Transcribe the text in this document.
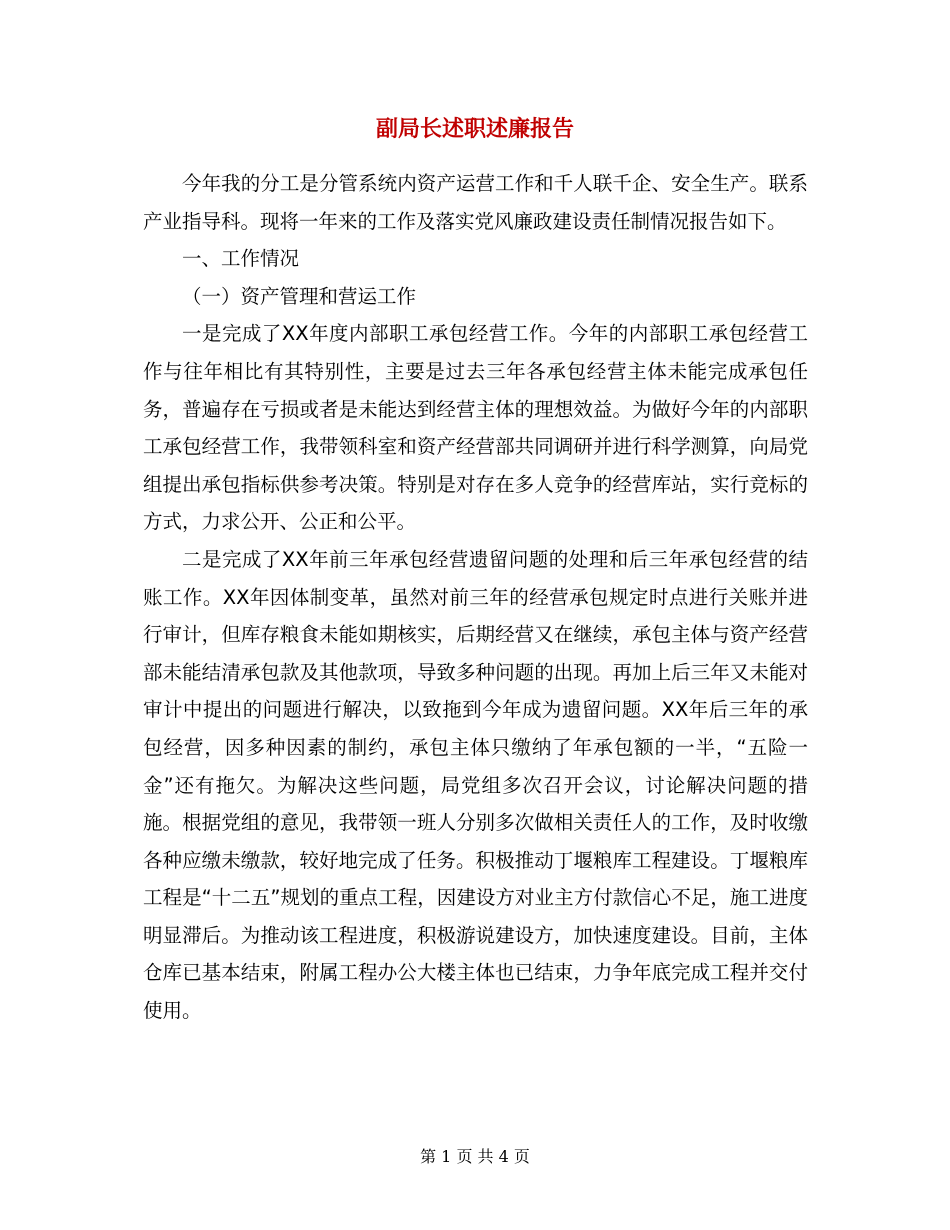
副局长述职述廉报告

今年我的分工是分管系统内资产运营工作和千人联千企、安全生产。联系产业指导科。现将一年来的工作及落实党风廉政建设责任制情况报告如下。

一、工作情况

（一）资产管理和营运工作

一是完成了XX年度内部职工承包经营工作。今年的内部职工承包经营工作与往年相比有其特别性，主要是过去三年各承包经营主体未能完成承包任务，普遍存在亏损或者是未能达到经营主体的理想效益。为做好今年的内部职工承包经营工作，我带领科室和资产经营部共同调研并进行科学测算，向局党组提出承包指标供参考决策。特别是对存在多人竞争的经营库站，实行竞标的方式，力求公开、公正和公平。

二是完成了XX年前三年承包经营遗留问题的处理和后三年承包经营的结账工作。XX年因体制变革，虽然对前三年的经营承包规定时点进行关账并进行审计，但库存粮食未能如期核实，后期经营又在继续，承包主体与资产经营部未能结清承包款及其他款项，导致多种问题的出现。再加上后三年又未能对审计中提出的问题进行解决，以致拖到今年成为遗留问题。XX年后三年的承包经营，因多种因素的制约，承包主体只缴纳了年承包额的一半，“五险一金”还有拖欠。为解决这些问题，局党组多次召开会议，讨论解决问题的措施。根据党组的意见，我带领一班人分别多次做相关责任人的工作，及时收缴各种应缴未缴款，较好地完成了任务。积极推动丁堰粮库工程建设。丁堰粮库工程是“十二五”规划的重点工程，因建设方对业主方付款信心不足，施工进度明显滞后。为推动该工程进度，积极游说建设方，加快速度建设。目前，主体仓库已基本结束，附属工程办公大楼主体也已结束，力争年底完成工程并交付使用。

第 1 页 共 4 页
